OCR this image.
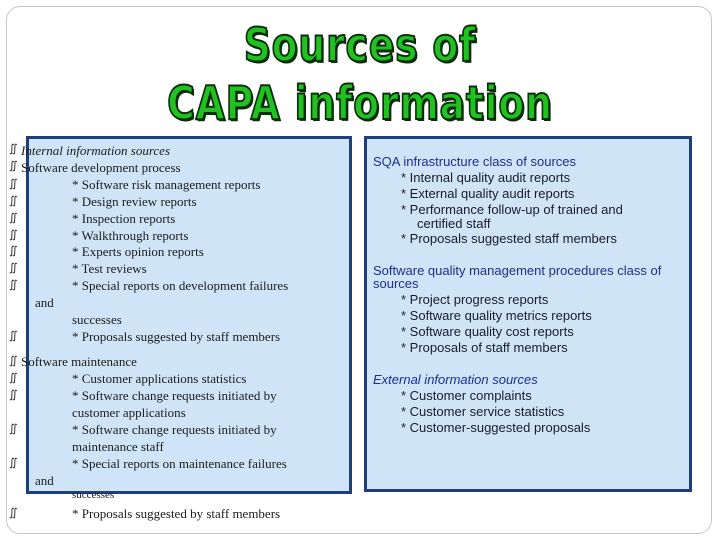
Sources of
CAPA information
∬
∬
∬
∬
∬
∬
∬
∬
∬
∬
∬
∬
∬
∬
∬
∬
Internal information sources
Software development process
* Software risk management reports
* Design review reports
* Inspection reports
* Walkthrough reports
* Experts opinion reports
* Test reviews
* Special reports on development failures
and
successes
* Proposals suggested by staff members
Software maintenance
* Customer applications statistics
* Software change requests initiated by
customer applications
* Software change requests initiated by
maintenance staff
* Special reports on maintenance failures
and
successes
* Proposals suggested by staff members
SQA infrastructure class of sources
* Internal quality audit reports
* External quality audit reports
* Performance follow-up of trained and
certified staff
* Proposals suggested staff members
Software quality management procedures class of
sources
* Project progress reports
* Software quality metrics reports
* Software quality cost reports
* Proposals of staff members
External information sources
* Customer complaints
* Customer service statistics
* Customer-suggested proposals
